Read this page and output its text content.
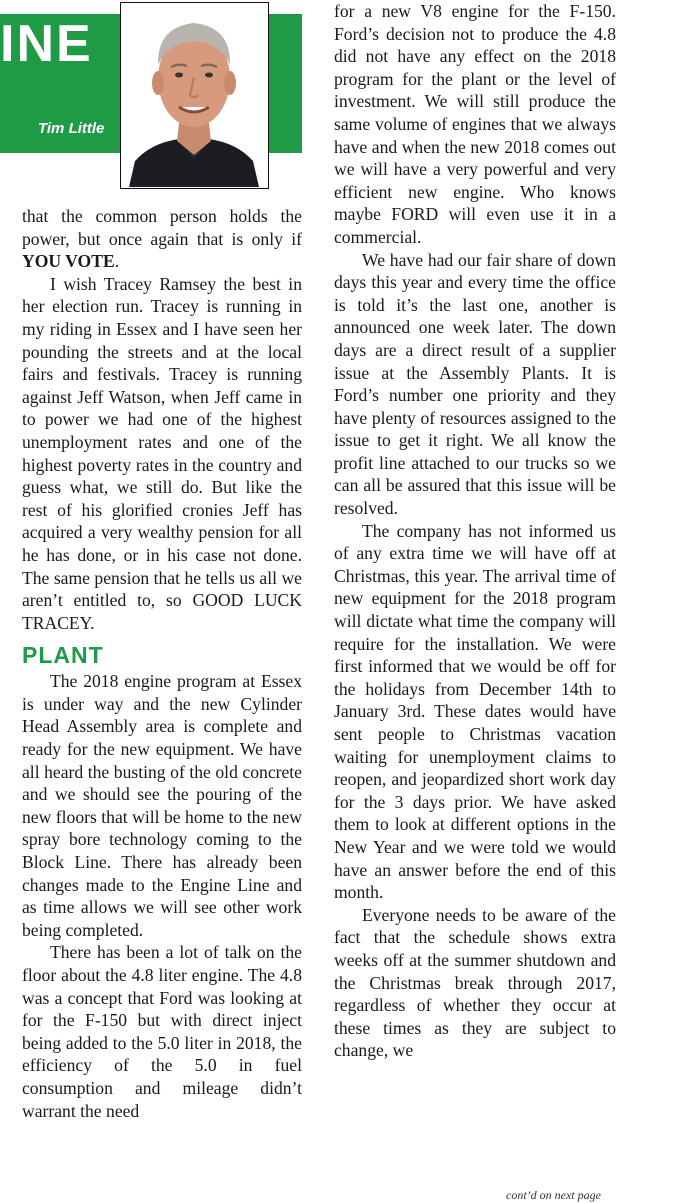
INE
Tim Little

that the common person holds the power, but once again that is only if YOU VOTE.

I wish Tracey Ramsey the best in her election run. Tracey is running in my riding in Essex and I have seen her pounding the streets and at the local fairs and festivals. Tracey is running against Jeff Watson, when Jeff came in to power we had one of the highest unemployment rates and one of the highest poverty rates in the country and guess what, we still do. But like the rest of his glorified cronies Jeff has acquired a very wealthy pension for all he has done, or in his case not done. The same pension that he tells us all we aren’t entitled to, so GOOD LUCK TRACEY.

PLANT

The 2018 engine program at Essex is under way and the new Cylinder Head Assembly area is complete and ready for the new equipment. We have all heard the busting of the old concrete and we should see the pouring of the new floors that will be home to the new spray bore technology coming to the Block Line. There has already been changes made to the Engine Line and as time allows we will see other work being completed.

There has been a lot of talk on the floor about the 4.8 liter engine. The 4.8 was a concept that Ford was looking at for the F-150 but with direct inject being added to the 5.0 liter in 2018, the efficiency of the 5.0 in fuel consumption and mileage didn’t warrant the need

for a new V8 engine for the F-150. Ford’s decision not to produce the 4.8 did not have any effect on the 2018 program for the plant or the level of investment. We will still produce the same volume of engines that we always have and when the new 2018 comes out we will have a very powerful and very efficient new engine. Who knows maybe FORD will even use it in a commercial.

We have had our fair share of down days this year and every time the office is told it’s the last one, another is announced one week later. The down days are a direct result of a supplier issue at the Assembly Plants. It is Ford’s number one priority and they have plenty of resources assigned to the issue to get it right. We all know the profit line attached to our trucks so we can all be assured that this issue will be resolved.

The company has not informed us of any extra time we will have off at Christmas, this year. The arrival time of new equipment for the 2018 program will dictate what time the company will require for the installation. We were first informed that we would be off for the holidays from December 14th to January 3rd. These dates would have sent people to Christmas vacation waiting for unemployment claims to reopen, and jeopardized short work day for the 3 days prior. We have asked them to look at different options in the New Year and we were told we would have an answer before the end of this month.

Everyone needs to be aware of the fact that the schedule shows extra weeks off at the summer shutdown and the Christmas break through 2017, regardless of whether they occur at these times as they are subject to change, we

cont’d on next page
